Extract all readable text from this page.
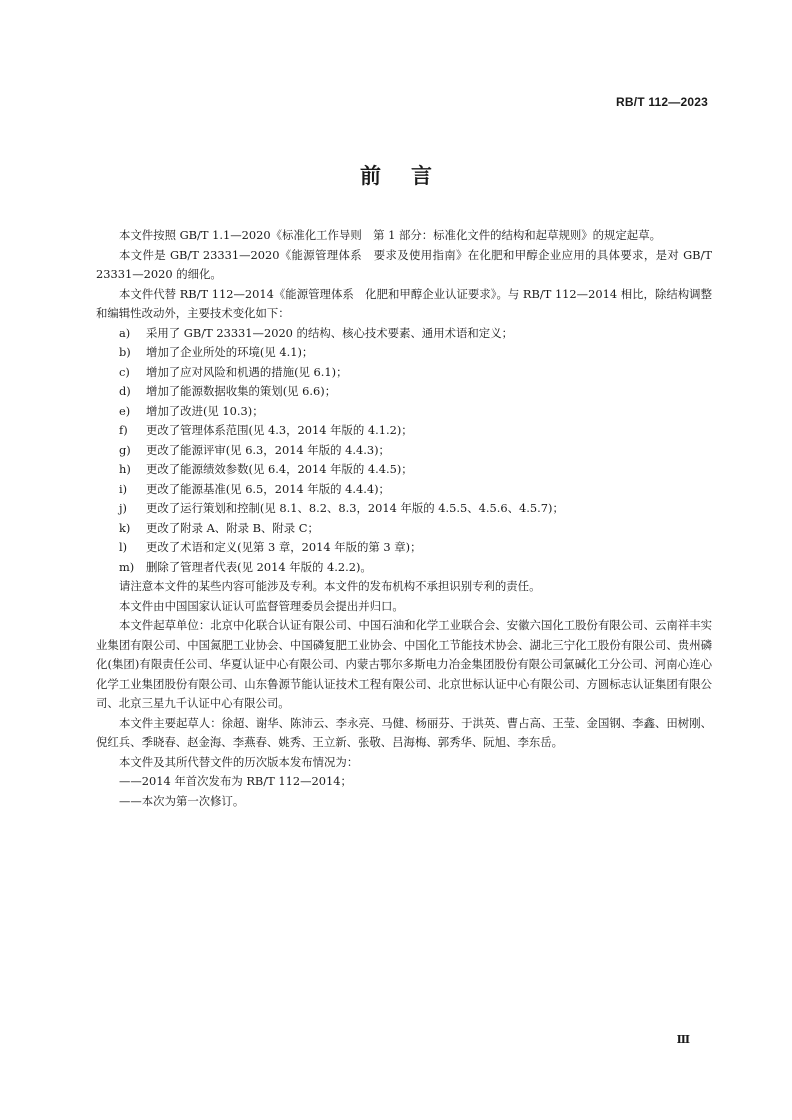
RB/T 112—2023
前言

本文件按照 GB/T 1.1—2020《标准化工作导则　第 1 部分：标准化文件的结构和起草规则》的规定起草。

本文件是 GB/T 23331—2020《能源管理体系　要求及使用指南》在化肥和甲醇企业应用的具体要求，是对 GB/T 23331—2020 的细化。

本文件代替 RB/T 112—2014《能源管理体系　化肥和甲醇企业认证要求》。与 RB/T 112—2014 相比，除结构调整和编辑性改动外，主要技术变化如下：

a) 采用了 GB/T 23331—2020 的结构、核心技术要素、通用术语和定义；

b) 增加了企业所处的环境(见 4.1)；

c) 增加了应对风险和机遇的措施(见 6.1)；

d) 增加了能源数据收集的策划(见 6.6)；

e) 增加了改进(见 10.3)；

f) 更改了管理体系范围(见 4.3，2014 年版的 4.1.2)；

g) 更改了能源评审(见 6.3，2014 年版的 4.4.3)；

h) 更改了能源绩效参数(见 6.4，2014 年版的 4.4.5)；

i) 更改了能源基准(见 6.5，2014 年版的 4.4.4)；

j) 更改了运行策划和控制(见 8.1、8.2、8.3，2014 年版的 4.5.5、4.5.6、4.5.7)；

k) 更改了附录 A、附录 B、附录 C；

l) 更改了术语和定义(见第 3 章，2014 年版的第 3 章)；

m) 删除了管理者代表(见 2014 年版的 4.2.2)。

请注意本文件的某些内容可能涉及专利。本文件的发布机构不承担识别专利的责任。

本文件由中国国家认证认可监督管理委员会提出并归口。

本文件起草单位：北京中化联合认证有限公司、中国石油和化学工业联合会、安徽六国化工股份有限公司、云南祥丰实业集团有限公司、中国氮肥工业协会、中国磷复肥工业协会、中国化工节能技术协会、湖北三宁化工股份有限公司、贵州磷化(集团)有限责任公司、华夏认证中心有限公司、内蒙古鄂尔多斯电力冶金集团股份有限公司氯碱化工分公司、河南心连心化学工业集团股份有限公司、山东鲁源节能认证技术工程有限公司、北京世标认证中心有限公司、方圆标志认证集团有限公司、北京三星九千认证中心有限公司。

本文件主要起草人：徐超、谢华、陈沛云、李永亮、马健、杨丽芬、于洪英、曹占高、王莹、金国钢、李鑫、田树刚、倪红兵、季晓春、赵金海、李燕春、姚秀、王立新、张敬、吕海梅、郭秀华、阮旭、李东岳。

本文件及其所代替文件的历次版本发布情况为：

——2014 年首次发布为 RB/T 112—2014；

——本次为第一次修订。

Ⅲ
